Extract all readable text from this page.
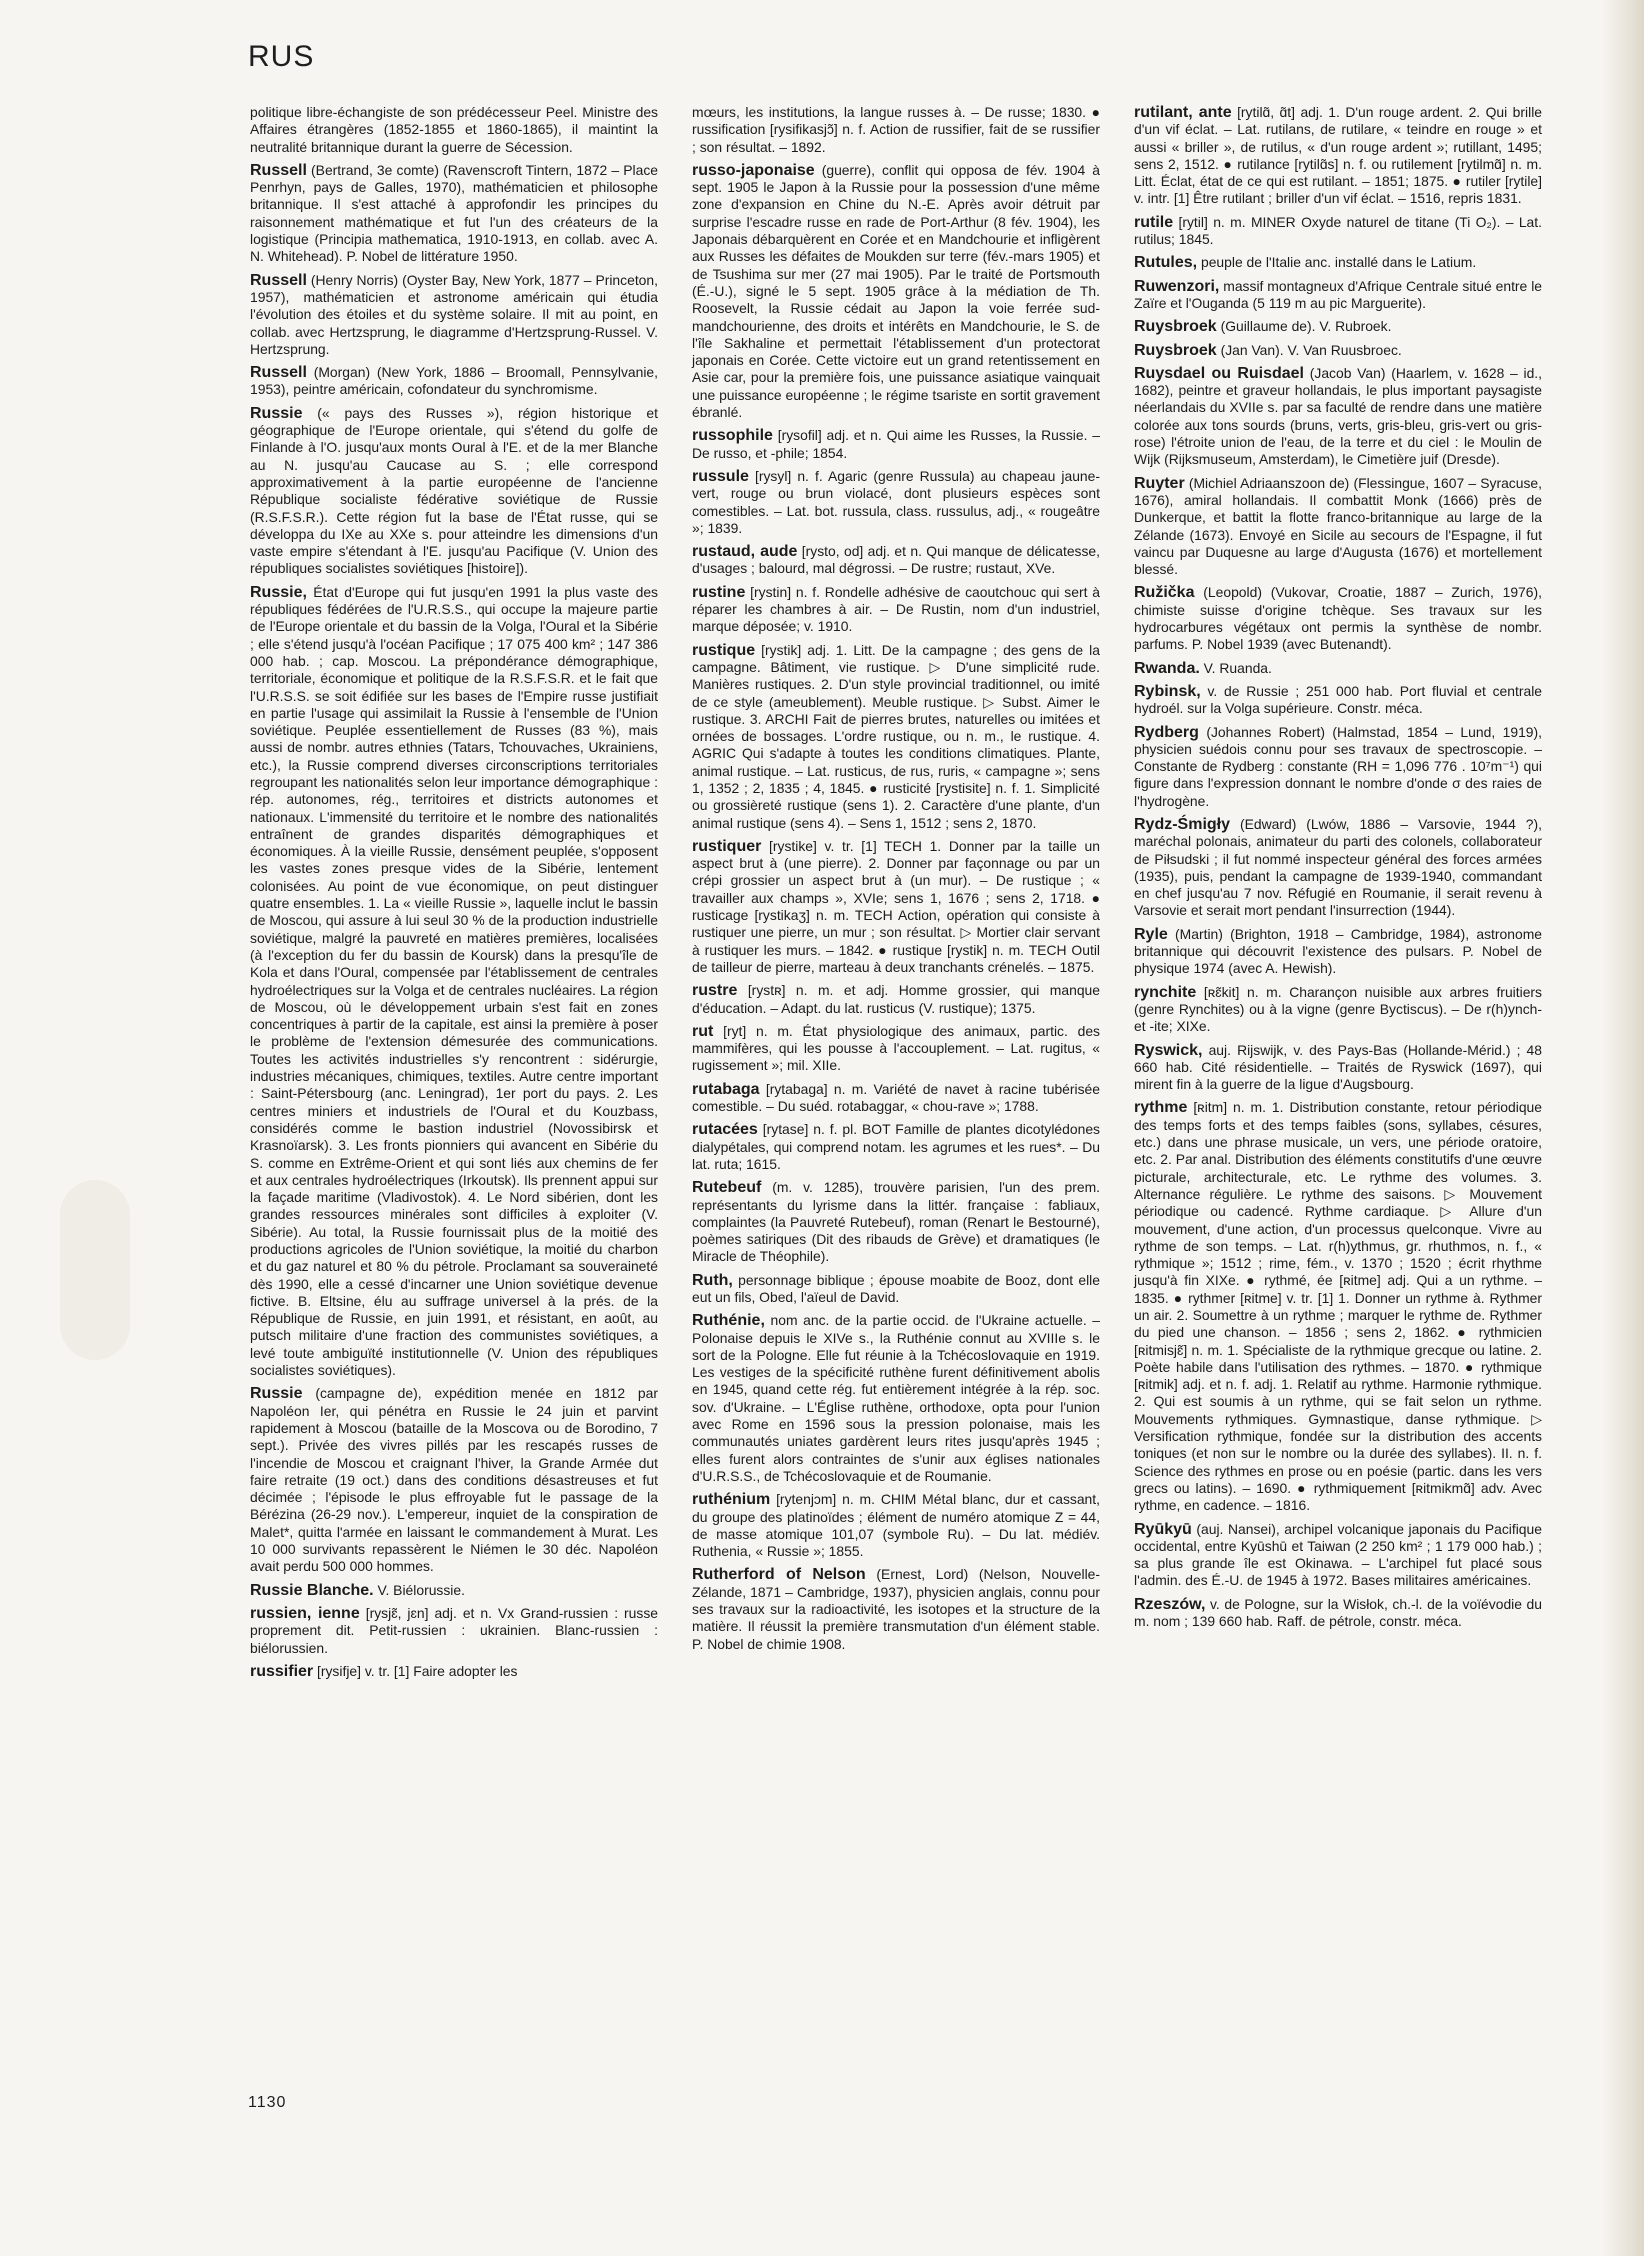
RUS

politique libre-échangiste de son prédécesseur Peel. Ministre des Affaires étrangères (1852-1855 et 1860-1865), il maintint la neutralité britannique durant la guerre de Sécession.

Russell (Bertrand, 3e comte) (Ravenscroft Tintern, 1872 – Place Penrhyn, pays de Galles, 1970), mathématicien et philosophe britannique. Il s'est attaché à approfondir les principes du raisonnement mathématique et fut l'un des créateurs de la logistique (Principia mathematica, 1910-1913, en collab. avec A. N. Whitehead). P. Nobel de littérature 1950.

Russell (Henry Norris) (Oyster Bay, New York, 1877 – Princeton, 1957), mathématicien et astronome américain qui étudia l'évolution des étoiles et du système solaire. Il mit au point, en collab. avec Hertzsprung, le diagramme d'Hertzsprung-Russel. V. Hertzsprung.

Russell (Morgan) (New York, 1886 – Broomall, Pennsylvanie, 1953), peintre américain, cofondateur du synchromisme.

Russie (« pays des Russes »), région historique et géographique de l'Europe orientale, qui s'étend du golfe de Finlande à l'O. jusqu'aux monts Oural à l'E. et de la mer Blanche au N. jusqu'au Caucase au S. ; elle correspond approximativement à la partie européenne de l'ancienne République socialiste fédérative soviétique de Russie (R.S.F.S.R.). Cette région fut la base de l'État russe, qui se développa du IXe au XXe s. pour atteindre les dimensions d'un vaste empire s'étendant à l'E. jusqu'au Pacifique (V. Union des républiques socialistes soviétiques [histoire]).

Russie, État d'Europe qui fut jusqu'en 1991 la plus vaste des républiques fédérées de l'U.R.S.S., qui occupe la majeure partie de l'Europe orientale et du bassin de la Volga, l'Oural et la Sibérie ; elle s'étend jusqu'à l'océan Pacifique ; 17 075 400 km² ; 147 386 000 hab. ; cap. Moscou. La prépondérance démographique, territoriale, économique et politique de la R.S.F.S.R. et le fait que l'U.R.S.S. se soit édifiée sur les bases de l'Empire russe justifiait en partie l'usage qui assimilait la Russie à l'ensemble de l'Union soviétique. Peuplée essentiellement de Russes (83 %), mais aussi de nombr. autres ethnies (Tatars, Tchouvaches, Ukrainiens, etc.), la Russie comprend diverses circonscriptions territoriales regroupant les nationalités selon leur importance démographique : rép. autonomes, rég., territoires et districts autonomes et nationaux. L'immensité du territoire et le nombre des nationalités entraînent de grandes disparités démographiques et économiques. À la vieille Russie, densément peuplée, s'opposent les vastes zones presque vides de la Sibérie, lentement colonisées. Au point de vue économique, on peut distinguer quatre ensembles. 1. La « vieille Russie », laquelle inclut le bassin de Moscou, qui assure à lui seul 30 % de la production industrielle soviétique, malgré la pauvreté en matières premières, localisées (à l'exception du fer du bassin de Koursk) dans la presqu'île de Kola et dans l'Oural, compensée par l'établissement de centrales hydroélectriques sur la Volga et de centrales nucléaires. La région de Moscou, où le développement urbain s'est fait en zones concentriques à partir de la capitale, est ainsi la première à poser le problème de l'extension démesurée des communications. Toutes les activités industrielles s'y rencontrent : sidérurgie, industries mécaniques, chimiques, textiles. Autre centre important : Saint-Pétersbourg (anc. Leningrad), 1er port du pays. 2. Les centres miniers et industriels de l'Oural et du Kouzbass, considérés comme le bastion industriel (Novossibirsk et Krasnoïarsk). 3. Les fronts pionniers qui avancent en Sibérie du S. comme en Extrême-Orient et qui sont liés aux chemins de fer et aux centrales hydroélectriques (Irkoutsk). Ils prennent appui sur la façade maritime (Vladivostok). 4. Le Nord sibérien, dont les grandes ressources minérales sont difficiles à exploiter (V. Sibérie). Au total, la Russie fournissait plus de la moitié des productions agricoles de l'Union soviétique, la moitié du charbon et du gaz naturel et 80 % du pétrole. Proclamant sa souveraineté dès 1990, elle a cessé d'incarner une Union soviétique devenue fictive. B. Eltsine, élu au suffrage universel à la prés. de la République de Russie, en juin 1991, et résistant, en août, au putsch militaire d'une fraction des communistes soviétiques, a levé toute ambiguïté institutionnelle (V. Union des républiques socialistes soviétiques).

Russie (campagne de), expédition menée en 1812 par Napoléon Ier, qui pénétra en Russie le 24 juin et parvint rapidement à Moscou (bataille de la Moscova ou de Borodino, 7 sept.). Privée des vivres pillés par les rescapés russes de l'incendie de Moscou et craignant l'hiver, la Grande Armée dut faire retraite (19 oct.) dans des conditions désastreuses et fut décimée ; l'épisode le plus effroyable fut le passage de la Bérézina (26-29 nov.). L'empereur, inquiet de la conspiration de Malet*, quitta l'armée en laissant le commandement à Murat. Les 10 000 survivants repassèrent le Niémen le 30 déc. Napoléon avait perdu 500 000 hommes.

Russie Blanche. V. Biélorussie.

russien, ienne [rysjɛ̃, jɛn] adj. et n. Vx Grand-russien : russe proprement dit. Petit-russien : ukrainien. Blanc-russien : biélorussien.

russifier [rysifje] v. tr. [1] Faire adopter les

mœurs, les institutions, la langue russes à. – De russe; 1830. ● russification [rysifikasjɔ̃] n. f. Action de russifier, fait de se russifier ; son résultat. – 1892.

russo-japonaise (guerre), conflit qui opposa de fév. 1904 à sept. 1905 le Japon à la Russie pour la possession d'une même zone d'expansion en Chine du N.-E. Après avoir détruit par surprise l'escadre russe en rade de Port-Arthur (8 fév. 1904), les Japonais débarquèrent en Corée et en Mandchourie et infligèrent aux Russes les défaites de Moukden sur terre (fév.-mars 1905) et de Tsushima sur mer (27 mai 1905). Par le traité de Portsmouth (É.-U.), signé le 5 sept. 1905 grâce à la médiation de Th. Roosevelt, la Russie cédait au Japon la voie ferrée sud-mandchourienne, des droits et intérêts en Mandchourie, le S. de l'île Sakhaline et permettait l'établissement d'un protectorat japonais en Corée. Cette victoire eut un grand retentissement en Asie car, pour la première fois, une puissance asiatique vainquait une puissance européenne ; le régime tsariste en sortit gravement ébranlé.

russophile [rysofil] adj. et n. Qui aime les Russes, la Russie. – De russo, et -phile; 1854.

russule [rysyl] n. f. Agaric (genre Russula) au chapeau jaune-vert, rouge ou brun violacé, dont plusieurs espèces sont comestibles. – Lat. bot. russula, class. russulus, adj., « rougeâtre »; 1839.

rustaud, aude [rysto, od] adj. et n. Qui manque de délicatesse, d'usages ; balourd, mal dégrossi. – De rustre; rustaut, XVe.

rustine [rystin] n. f. Rondelle adhésive de caoutchouc qui sert à réparer les chambres à air. – De Rustin, nom d'un industriel, marque déposée; v. 1910.

rustique [rystik] adj. 1. Litt. De la campagne ; des gens de la campagne. Bâtiment, vie rustique. ▷ D'une simplicité rude. Manières rustiques. 2. D'un style provincial traditionnel, ou imité de ce style (ameublement). Meuble rustique. ▷ Subst. Aimer le rustique. 3. ARCHI Fait de pierres brutes, naturelles ou imitées et ornées de bossages. L'ordre rustique, ou n. m., le rustique. 4. AGRIC Qui s'adapte à toutes les conditions climatiques. Plante, animal rustique. – Lat. rusticus, de rus, ruris, « campagne »; sens 1, 1352 ; 2, 1835 ; 4, 1845. ● rusticité [rystisite] n. f. 1. Simplicité ou grossièreté rustique (sens 1). 2. Caractère d'une plante, d'un animal rustique (sens 4). – Sens 1, 1512 ; sens 2, 1870.

rustiquer [rystike] v. tr. [1] TECH 1. Donner par la taille un aspect brut à (une pierre). 2. Donner par façonnage ou par un crépi grossier un aspect brut à (un mur). – De rustique ; « travailler aux champs », XVIe; sens 1, 1676 ; sens 2, 1718. ● rusticage [rystikaʒ] n. m. TECH Action, opération qui consiste à rustiquer une pierre, un mur ; son résultat. ▷ Mortier clair servant à rustiquer les murs. – 1842. ● rustique [rystik] n. m. TECH Outil de tailleur de pierre, marteau à deux tranchants crénelés. – 1875.

rustre [rystʀ] n. m. et adj. Homme grossier, qui manque d'éducation. – Adapt. du lat. rusticus (V. rustique); 1375.

rut [ryt] n. m. État physiologique des animaux, partic. des mammifères, qui les pousse à l'accouplement. – Lat. rugitus, « rugissement »; mil. XIIe.

rutabaga [rytabaga] n. m. Variété de navet à racine tubérisée comestible. – Du suéd. rotabaggar, « chou-rave »; 1788.

rutacées [rytase] n. f. pl. BOT Famille de plantes dicotylédones dialypétales, qui comprend notam. les agrumes et les rues*. – Du lat. ruta; 1615.

Rutebeuf (m. v. 1285), trouvère parisien, l'un des prem. représentants du lyrisme dans la littér. française : fabliaux, complaintes (la Pauvreté Rutebeuf), roman (Renart le Bestourné), poèmes satiriques (Dit des ribauds de Grève) et dramatiques (le Miracle de Théophile).

Ruth, personnage biblique ; épouse moabite de Booz, dont elle eut un fils, Obed, l'aïeul de David.

Ruthénie, nom anc. de la partie occid. de l'Ukraine actuelle. – Polonaise depuis le XIVe s., la Ruthénie connut au XVIIIe s. le sort de la Pologne. Elle fut réunie à la Tchécoslovaquie en 1919. Les vestiges de la spécificité ruthène furent définitivement abolis en 1945, quand cette rég. fut entièrement intégrée à la rép. soc. sov. d'Ukraine. – L'Église ruthène, orthodoxe, opta pour l'union avec Rome en 1596 sous la pression polonaise, mais les communautés uniates gardèrent leurs rites jusqu'après 1945 ; elles furent alors contraintes de s'unir aux églises nationales d'U.R.S.S., de Tchécoslovaquie et de Roumanie.

ruthénium [rytenjɔm] n. m. CHIM Métal blanc, dur et cassant, du groupe des platinoïdes ; élément de numéro atomique Z = 44, de masse atomique 101,07 (symbole Ru). – Du lat. médiév. Ruthenia, « Russie »; 1855.

Rutherford of Nelson (Ernest, Lord) (Nelson, Nouvelle-Zélande, 1871 – Cambridge, 1937), physicien anglais, connu pour ses travaux sur la radioactivité, les isotopes et la structure de la matière. Il réussit la première transmutation d'un élément stable. P. Nobel de chimie 1908.

rutilant, ante [rytilɑ̃, ɑ̃t] adj. 1. D'un rouge ardent. 2. Qui brille d'un vif éclat. – Lat. rutilans, de rutilare, « teindre en rouge » et aussi « briller », de rutilus, « d'un rouge ardent »; rutillant, 1495; sens 2, 1512. ● rutilance [rytilɑ̃s] n. f. ou rutilement [rytilmɑ̃] n. m. Litt. Éclat, état de ce qui est rutilant. – 1851; 1875. ● rutiler [rytile] v. intr. [1] Être rutilant ; briller d'un vif éclat. – 1516, repris 1831.

rutile [rytil] n. m. MINER Oxyde naturel de titane (Ti O₂). – Lat. rutilus; 1845.

Rutules, peuple de l'Italie anc. installé dans le Latium.

Ruwenzori, massif montagneux d'Afrique Centrale situé entre le Zaïre et l'Ouganda (5 119 m au pic Marguerite).

Ruysbroek (Guillaume de). V. Rubroek.

Ruysbroek (Jan Van). V. Van Ruusbroec.

Ruysdael ou Ruisdael (Jacob Van) (Haarlem, v. 1628 – id., 1682), peintre et graveur hollandais, le plus important paysagiste néerlandais du XVIIe s. par sa faculté de rendre dans une matière colorée aux tons sourds (bruns, verts, gris-bleu, gris-vert ou gris-rose) l'étroite union de l'eau, de la terre et du ciel : le Moulin de Wijk (Rijksmuseum, Amsterdam), le Cimetière juif (Dresde).

Ruyter (Michiel Adriaanszoon de) (Flessingue, 1607 – Syracuse, 1676), amiral hollandais. Il combattit Monk (1666) près de Dunkerque, et battit la flotte franco-britannique au large de la Zélande (1673). Envoyé en Sicile au secours de l'Espagne, il fut vaincu par Duquesne au large d'Augusta (1676) et mortellement blessé.

Ružička (Leopold) (Vukovar, Croatie, 1887 – Zurich, 1976), chimiste suisse d'origine tchèque. Ses travaux sur les hydrocarbures végétaux ont permis la synthèse de nombr. parfums. P. Nobel 1939 (avec Butenandt).

Rwanda. V. Ruanda.

Rybinsk, v. de Russie ; 251 000 hab. Port fluvial et centrale hydroél. sur la Volga supérieure. Constr. méca.

Rydberg (Johannes Robert) (Halmstad, 1854 – Lund, 1919), physicien suédois connu pour ses travaux de spectroscopie. – Constante de Rydberg : constante (RH = 1,096 776 . 10⁷m⁻¹) qui figure dans l'expression donnant le nombre d'onde σ des raies de l'hydrogène.

Rydz-Śmigły (Edward) (Lwów, 1886 – Varsovie, 1944 ?), maréchal polonais, animateur du parti des colonels, collaborateur de Piłsudski ; il fut nommé inspecteur général des forces armées (1935), puis, pendant la campagne de 1939-1940, commandant en chef jusqu'au 7 nov. Réfugié en Roumanie, il serait revenu à Varsovie et serait mort pendant l'insurrection (1944).

Ryle (Martin) (Brighton, 1918 – Cambridge, 1984), astronome britannique qui découvrit l'existence des pulsars. P. Nobel de physique 1974 (avec A. Hewish).

rynchite [ʀɛ̃kit] n. m. Charançon nuisible aux arbres fruitiers (genre Rynchites) ou à la vigne (genre Byctiscus). – De r(h)ynch- et -ite; XIXe.

Ryswick, auj. Rijswijk, v. des Pays-Bas (Hollande-Mérid.) ; 48 660 hab. Cité résidentielle. – Traités de Ryswick (1697), qui mirent fin à la guerre de la ligue d'Augsbourg.

rythme [ʀitm] n. m. 1. Distribution constante, retour périodique des temps forts et des temps faibles (sons, syllabes, césures, etc.) dans une phrase musicale, un vers, une période oratoire, etc. 2. Par anal. Distribution des éléments constitutifs d'une œuvre picturale, architecturale, etc. Le rythme des volumes. 3. Alternance régulière. Le rythme des saisons. ▷ Mouvement périodique ou cadencé. Rythme cardiaque. ▷ Allure d'un mouvement, d'une action, d'un processus quelconque. Vivre au rythme de son temps. – Lat. r(h)ythmus, gr. rhuthmos, n. f., « rythmique »; 1512 ; rime, fém., v. 1370 ; 1520 ; écrit rhythme jusqu'à fin XIXe. ● rythmé, ée [ʀitme] adj. Qui a un rythme. – 1835. ● rythmer [ʀitme] v. tr. [1] 1. Donner un rythme à. Rythmer un air. 2. Soumettre à un rythme ; marquer le rythme de. Rythmer du pied une chanson. – 1856 ; sens 2, 1862. ● rythmicien [ʀitmisjɛ̃] n. m. 1. Spécialiste de la rythmique grecque ou latine. 2. Poète habile dans l'utilisation des rythmes. – 1870. ● rythmique [ʀitmik] adj. et n. f. adj. 1. Relatif au rythme. Harmonie rythmique. 2. Qui est soumis à un rythme, qui se fait selon un rythme. Mouvements rythmiques. Gymnastique, danse rythmique. ▷ Versification rythmique, fondée sur la distribution des accents toniques (et non sur le nombre ou la durée des syllabes). II. n. f. Science des rythmes en prose ou en poésie (partic. dans les vers grecs ou latins). – 1690. ● rythmiquement [ʀitmikmɑ̃] adv. Avec rythme, en cadence. – 1816.

Ryūkyū (auj. Nansei), archipel volcanique japonais du Pacifique occidental, entre Kyūshū et Taiwan (2 250 km² ; 1 179 000 hab.) ; sa plus grande île est Okinawa. – L'archipel fut placé sous l'admin. des É.-U. de 1945 à 1972. Bases militaires américaines.

Rzeszów, v. de Pologne, sur la Wisłok, ch.-l. de la voïévodie du m. nom ; 139 660 hab. Raff. de pétrole, constr. méca.

1130
